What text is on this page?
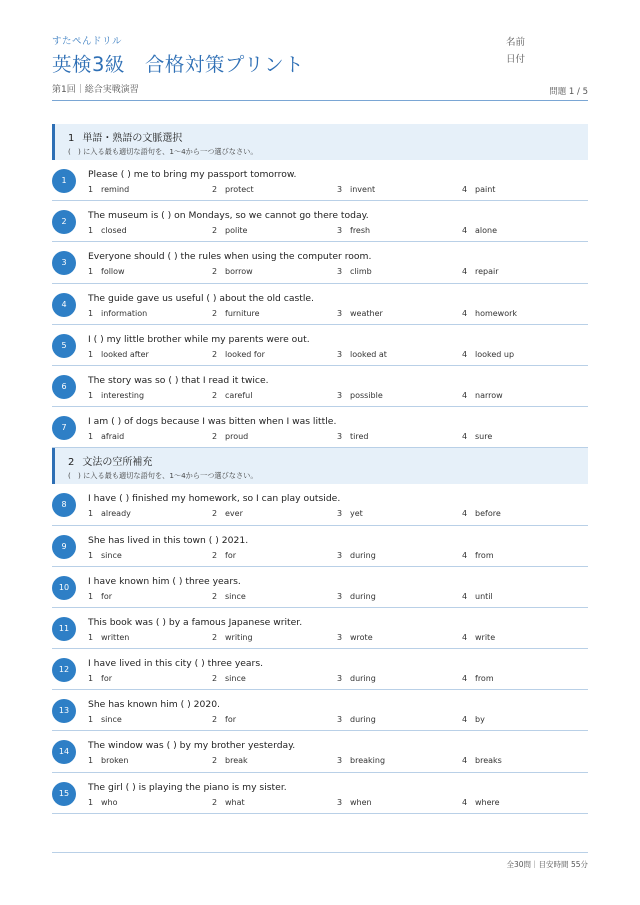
すたぺんドリル
英検3級　合格対策プリント
第1回｜総合実戦演習
名前
日付
問題 1 / 5
1 単語・熟語の文脈選択
(　) に入る最も適切な語句を、1〜4から一つ選びなさい。
1
Please ( ) me to bring my passport tomorrow.
1 remind	2 protect	3 invent	4 paint
2
The museum is ( ) on Mondays, so we cannot go there today.
1 closed	2 polite	3 fresh	4 alone
3
Everyone should ( ) the rules when using the computer room.
1 follow	2 borrow	3 climb	4 repair
4
The guide gave us useful ( ) about the old castle.
1 information	2 furniture	3 weather	4 homework
5
I ( ) my little brother while my parents were out.
1 looked after	2 looked for	3 looked at	4 looked up
6
The story was so ( ) that I read it twice.
1 interesting	2 careful	3 possible	4 narrow
7
I am ( ) of dogs because I was bitten when I was little.
1 afraid	2 proud	3 tired	4 sure
2 文法の空所補充
(　) に入る最も適切な語句を、1〜4から一つ選びなさい。
8
I have ( ) finished my homework, so I can play outside.
1 already	2 ever	3 yet	4 before
9
She has lived in this town ( ) 2021.
1 since	2 for	3 during	4 from
10
I have known him ( ) three years.
1 for	2 since	3 during	4 until
11
This book was ( ) by a famous Japanese writer.
1 written	2 writing	3 wrote	4 write
12
I have lived in this city ( ) three years.
1 for	2 since	3 during	4 from
13
She has known him ( ) 2020.
1 since	2 for	3 during	4 by
14
The window was ( ) by my brother yesterday.
1 broken	2 break	3 breaking	4 breaks
15
The girl ( ) is playing the piano is my sister.
1 who	2 what	3 when	4 where
全30問｜目安時間 55分
